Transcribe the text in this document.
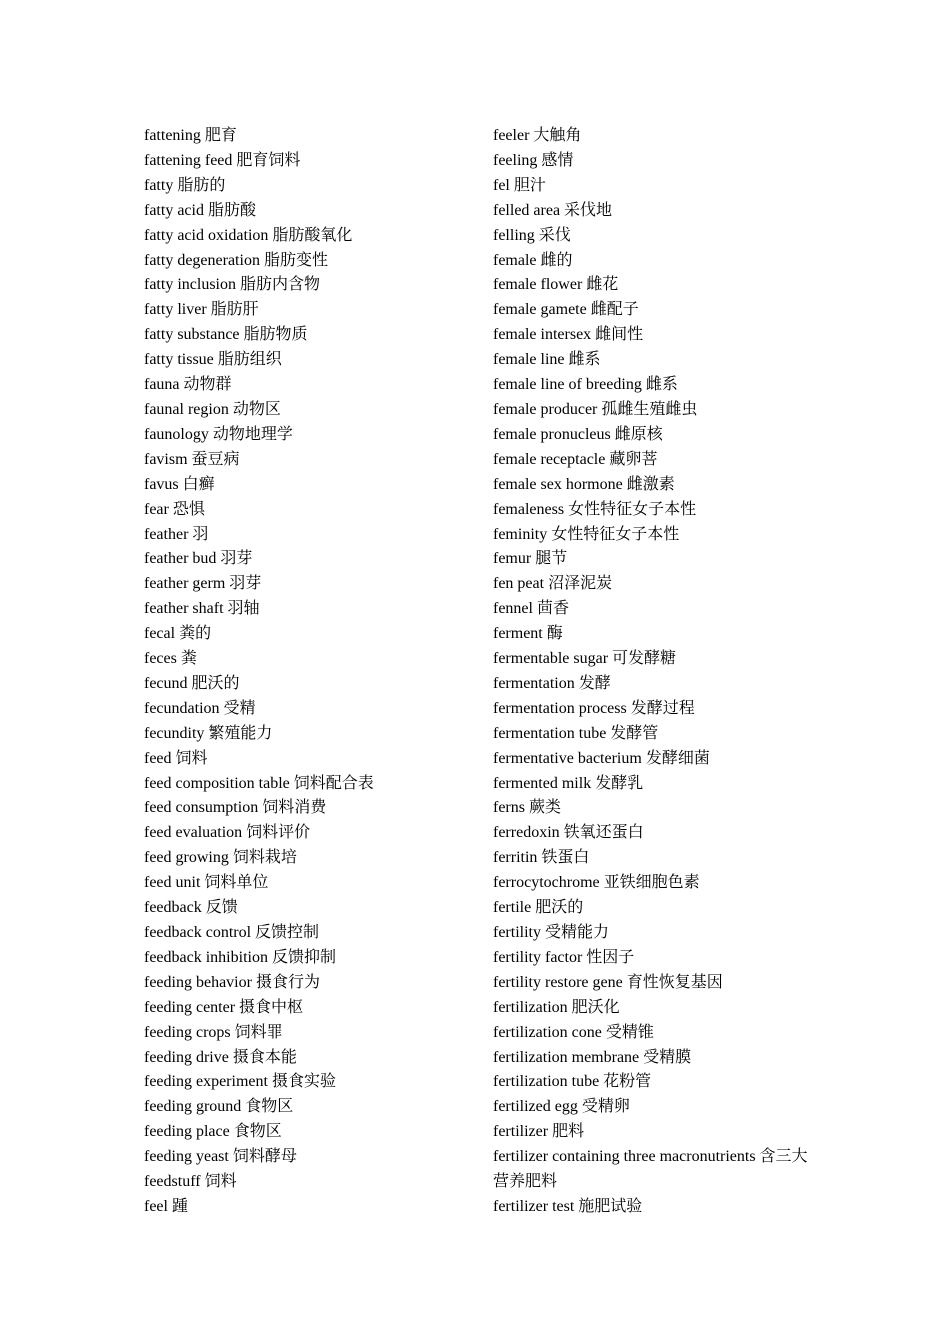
fattening 肥育
fattening feed 肥育饲料
fatty 脂肪的
fatty acid 脂肪酸
fatty acid oxidation 脂肪酸氧化
fatty degeneration 脂肪变性
fatty inclusion 脂肪内含物
fatty liver 脂肪肝
fatty substance 脂肪物质
fatty tissue 脂肪组织
fauna 动物群
faunal region 动物区
faunology 动物地理学
favism 蚕豆病
favus 白癣
fear 恐惧
feather 羽
feather bud 羽芽
feather germ 羽芽
feather shaft 羽轴
fecal 粪的
feces 粪
fecund 肥沃的
fecundation 受精
fecundity 繁殖能力
feed 饲料
feed composition table 饲料配合表
feed consumption 饲料消费
feed evaluation 饲料评价
feed growing 饲料栽培
feed unit 饲料单位
feedback 反馈
feedback control 反馈控制
feedback inhibition 反馈抑制
feeding behavior 摄食行为
feeding center 摄食中枢
feeding crops 饲料罪
feeding drive 摄食本能
feeding experiment 摄食实验
feeding ground 食物区
feeding place 食物区
feeding yeast 饲料酵母
feedstuff 饲料
feel 踵
feeler 大触角
feeling 感情
fel 胆汁
felled area 采伐地
felling 采伐
female 雌的
female flower 雌花
female gamete 雌配子
female intersex 雌间性
female line 雌系
female line of breeding 雌系
female producer 孤雌生殖雌虫
female pronucleus 雌原核
female receptacle 藏卵菩
female sex hormone 雌激素
femaleness 女性特征女子本性
feminity 女性特征女子本性
femur 腿节
fen peat 沼泽泥炭
fennel 茴香
ferment 酶
fermentable sugar 可发酵糖
fermentation 发酵
fermentation process 发酵过程
fermentation tube 发酵管
fermentative bacterium 发酵细菌
fermented milk 发酵乳
ferns 蕨类
ferredoxin 铁氧还蛋白
ferritin 铁蛋白
ferrocytochrome 亚铁细胞色素
fertile 肥沃的
fertility 受精能力
fertility factor 性因子
fertility restore gene 育性恢复基因
fertilization 肥沃化
fertilization cone 受精锥
fertilization membrane 受精膜
fertilization tube 花粉管
fertilized egg 受精卵
fertilizer 肥料
fertilizer containing three macronutrients 含三大营养肥料
fertilizer test 施肥试验
